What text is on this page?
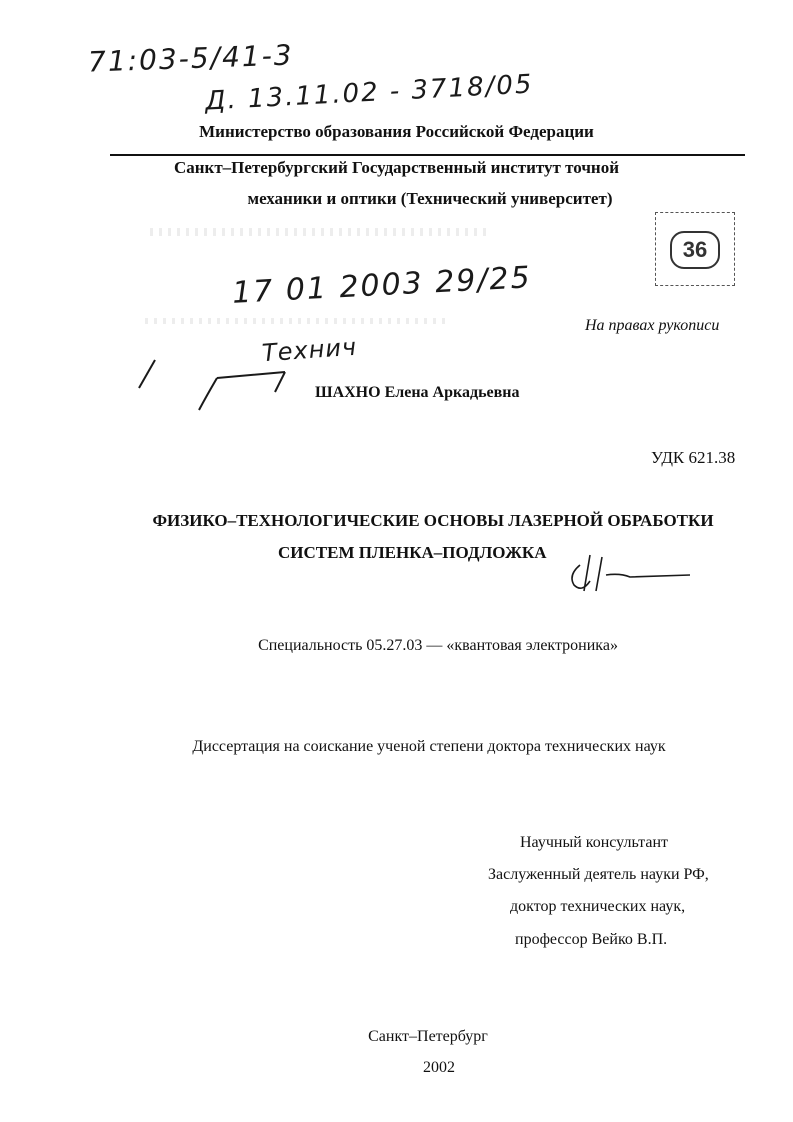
71:03-5/41-3
Д. 13.11.02 - 3718/05
Министерство образования Российской Федерации
Санкт–Петербургский Государственный институт точной
механики и оптики (Технический университет)
36
17 01 2003 29/25
На правах рукописи
Технич
ШАХНО Елена Аркадьевна
УДК 621.38
ФИЗИКО–ТЕХНОЛОГИЧЕСКИЕ ОСНОВЫ ЛАЗЕРНОЙ ОБРАБОТКИ
СИСТЕМ ПЛЕНКА–ПОДЛОЖКА
Специальность 05.27.03 — «квантовая электроника»
Диссертация на соискание ученой степени доктора технических наук
Научный консультант
Заслуженный деятель науки РФ,
доктор технических наук,
профессор Вейко В.П.
Санкт–Петербург
2002
